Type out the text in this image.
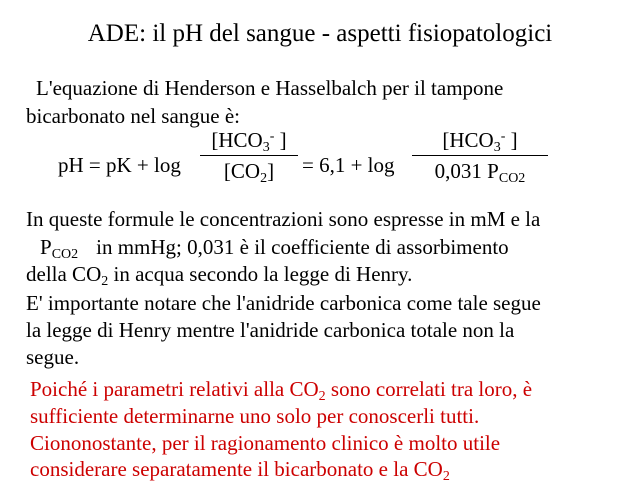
ADE: il pH del sangue - aspetti fisiopatologici
L'equazione di Henderson e Hasselbalch per il tampone
bicarbonato nel sangue è:
pH = pK + log
[$HCO_3^-$ ]
$[CO_2]$	= 6,1 + log
[$HCO_3^-$ ]
0,031 $P_{CO2}$
In queste formule le concentrazioni sono espresse in mM e la
$P_{CO2}$ in mmHg; 0,031 è il coefficiente di assorbimento
della $CO_2$ in acqua secondo la legge di Henry.
E' importante notare che l'anidride carbonica come tale segue
la legge di Henry mentre l'anidride carbonica totale non la
segue.
Poiché i parametri relativi alla $CO_2$ sono correlati tra loro, è
sufficiente determinarne uno solo per conoscerli tutti.
Ciononostante, per il ragionamento clinico è molto utile
considerare separatamente il bicarbonato e la $CO_2$
